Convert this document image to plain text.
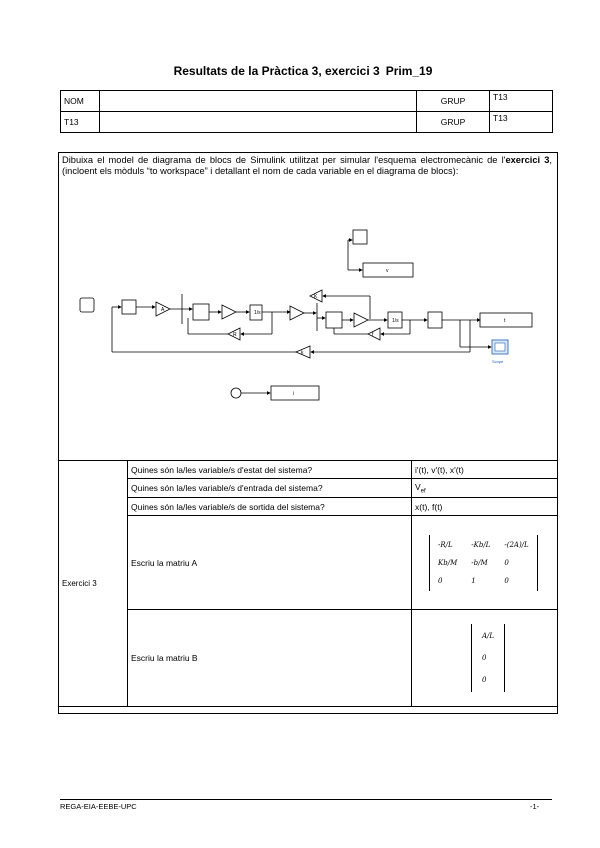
Resultats de la Pràctica 3, exercici 3 Prim_19
NOM		GRUP	T13
T13		GRUP	T13
Dibuixa el model de diagrama de blocs de Simulink utilitzat per simular l'esquema electromecànic de l'exercici 3, (incloent els mòduls “to workspace” i detallant el nom de cada variable en el diagrama de blocs):
A	1/s
R
K
1/s
f
t
Scope
k
v
i
Exercici 3	Quines són la/les variable/s d'estat del sistema?	i'(t), v'(t), x'(t)
Quines són la/les variable/s d'entrada del sistema?	$V_{ef}$
Quines són la/les variable/s de sortida del sistema?	x(t), f(t)
Escriu la matriu A	
-R/L	-Kb/L	-(2A)/L
Kb/M	-b/M	0
0	1	0

Escriu la matriu B	
A/L
0
0
REGA-EIA-EEBE-UPC	-1-
